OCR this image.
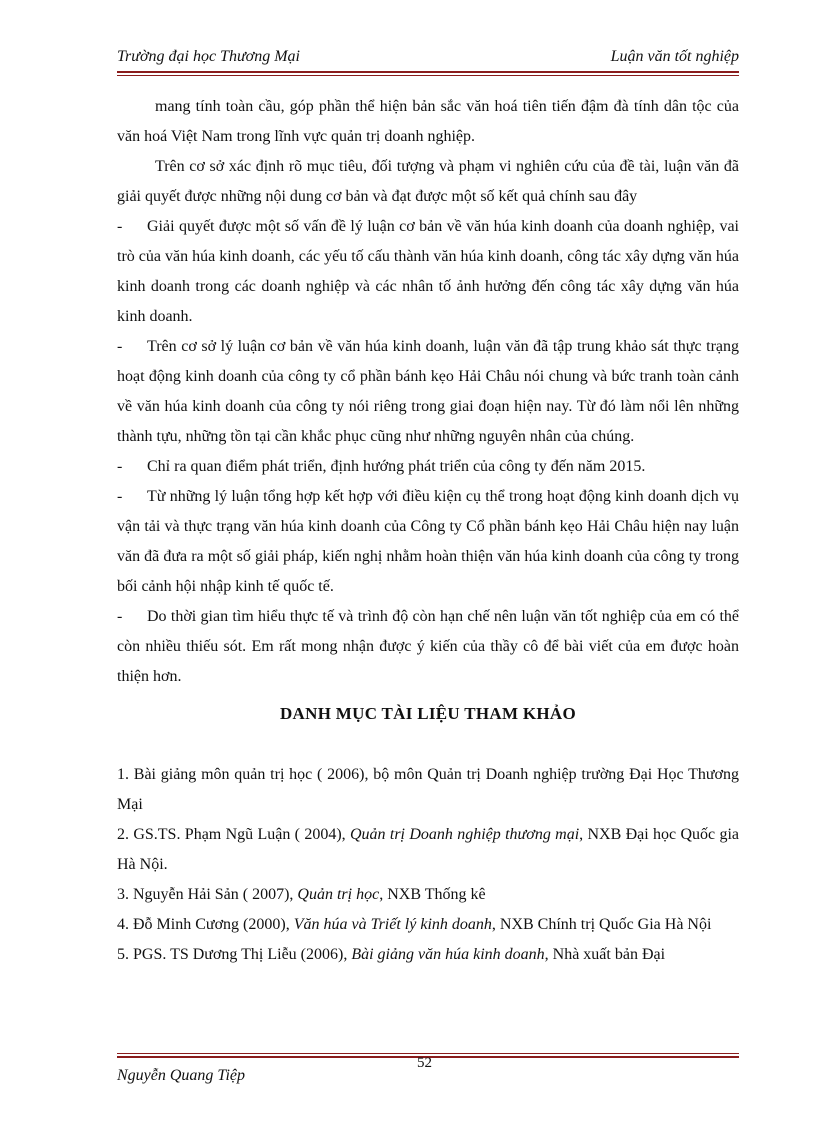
Trường đại học Thương Mại	Luận văn tốt nghiệp

mang tính toàn cầu, góp phần thể hiện bản sắc văn hoá tiên tiến đậm đà tính dân tộc của văn hoá Việt Nam trong lĩnh vực quản trị doanh nghiệp.

Trên cơ sở xác định rõ mục tiêu, đối tượng và phạm vi nghiên cứu của đề tài, luận văn đã giải quyết được những nội dung cơ bản và đạt được một số kết quả chính sau đây

- Giải quyết được một số vấn đề lý luận cơ bản về văn húa kinh doanh của doanh nghiệp, vai trò của văn húa kinh doanh, các yếu tố cấu thành văn húa kinh doanh, công tác xây dựng văn húa kinh doanh trong các doanh nghiệp và các nhân tố ảnh hưởng đến công tác xây dựng văn húa kinh doanh.

- Trên cơ sở lý luận cơ bản về văn húa kinh doanh, luận văn đã tập trung khảo sát thực trạng hoạt động kinh doanh của công ty cổ phần bánh kẹo Hải Châu nói chung và bức tranh toàn cảnh về văn húa kinh doanh của công ty nói riêng trong giai đoạn hiện nay. Từ đó làm nổi lên những thành tựu, những tồn tại cần khắc phục cũng như những nguyên nhân của chúng.

- Chỉ ra quan điểm phát triển, định hướng phát triển của công ty đến năm 2015.

- Từ những lý luận tổng hợp kết hợp với điều kiện cụ thể trong hoạt động kinh doanh dịch vụ vận tải và thực trạng văn húa kinh doanh của Công ty Cổ phần bánh kẹo Hải Châu hiện nay luận văn đã đưa ra một số giải pháp, kiến nghị nhằm hoàn thiện văn húa kinh doanh của công ty trong bối cảnh hội nhập kinh tế quốc tế.

- Do thời gian tìm hiểu thực tế và trình độ còn hạn chế nên luận văn tốt nghiệp của em có thể còn nhiều thiếu sót. Em rất mong nhận được ý kiến của thầy cô để bài viết của em được hoàn thiện hơn.

DANH MỤC TÀI LIỆU THAM KHẢO

1. Bài giảng môn quản trị học ( 2006), bộ môn Quản trị Doanh nghiệp trường Đại Học Thương Mại

2. GS.TS. Phạm Ngũ Luận ( 2004), Quản trị Doanh nghiệp thương mại, NXB Đại học Quốc gia Hà Nội.

3. Nguyễn Hải Sản ( 2007), Quản trị học, NXB Thống kê

4. Đỗ Minh Cương (2000), Văn húa và Triết lý kinh doanh, NXB Chính trị Quốc Gia Hà Nội

5. PGS. TS Dương Thị Liễu (2006), Bài giảng văn húa kinh doanh, Nhà xuất bản Đại

Nguyễn Quang Tiệp
52
